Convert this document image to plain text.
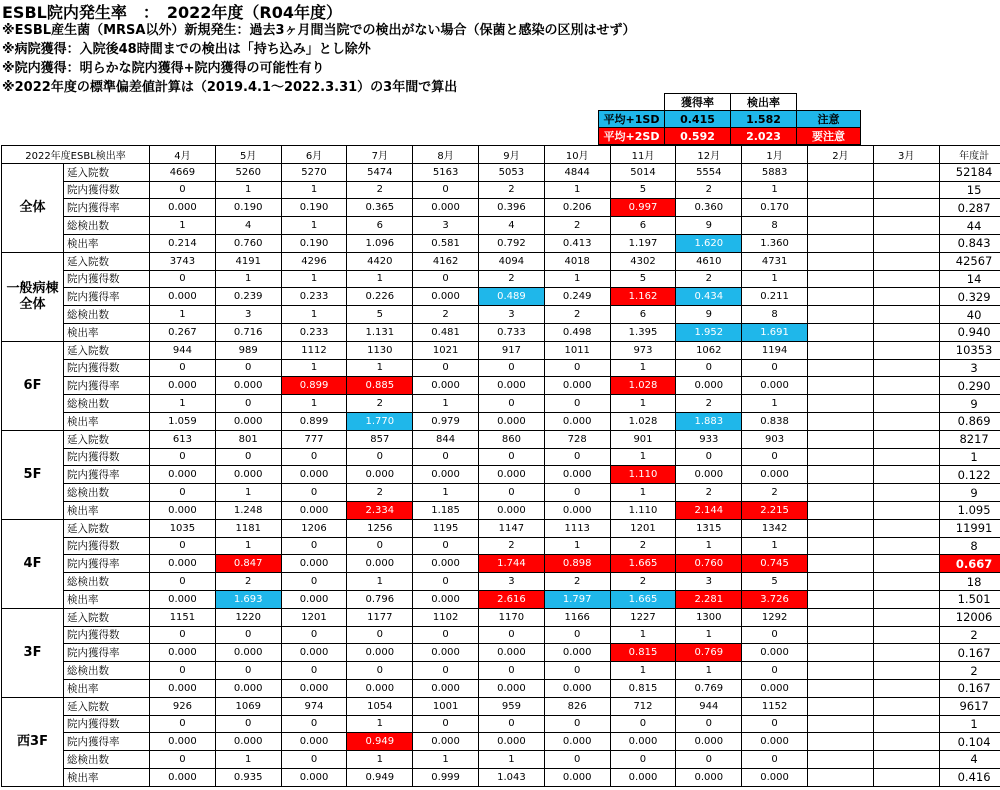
ESBL院内発生率　：　2022年度（R04年度）
※ESBL産生菌（MRSA以外）新規発生：過去3ヶ月間当院での検出がない場合（保菌と感染の区別はせず）
※病院獲得：入院後48時間までの検出は「持ち込み」とし除外
※院内獲得：明らかな院内獲得+院内獲得の可能性有り
※2022年度の標準偏差値計算は（2019.4.1～2022.3.31）の3年間で算出
	獲得率	検出率	
平均+1SD	0.415	1.582	注意
平均+2SD	0.592	2.023	要注意
2022年度ESBL検出率		4月	5月	6月	7月	8月	9月	10月	11月	12月	1月	2月	3月	年度計
全体	延入院数	4669	5260	5270	5474	5163	5053	4844	5014	5554	5883			52184
	院内獲得数	0	1	1	2	0	2	1	5	2	1			15
	院内獲得率	0.000	0.190	0.190	0.365	0.000	0.396	0.206	0.997	0.360	0.170			0.287
	総検出数	1	4	1	6	3	4	2	6	9	8			44
	検出率	0.214	0.760	0.190	1.096	0.581	0.792	0.413	1.197	1.620	1.360			0.843
一般病棟全体	延入院数	3743	4191	4296	4420	4162	4094	4018	4302	4610	4731			42567
	院内獲得数	0	1	1	1	0	2	1	5	2	1			14
	院内獲得率	0.000	0.239	0.233	0.226	0.000	0.489	0.249	1.162	0.434	0.211			0.329
	総検出数	1	3	1	5	2	3	2	6	9	8			40
	検出率	0.267	0.716	0.233	1.131	0.481	0.733	0.498	1.395	1.952	1.691			0.940
6F	延入院数	944	989	1112	1130	1021	917	1011	973	1062	1194			10353
	院内獲得数	0	0	1	1	0	0	0	1	0	0			3
	院内獲得率	0.000	0.000	0.899	0.885	0.000	0.000	0.000	1.028	0.000	0.000			0.290
	総検出数	1	0	1	2	1	0	0	1	2	1			9
	検出率	1.059	0.000	0.899	1.770	0.979	0.000	0.000	1.028	1.883	0.838			0.869
5F	延入院数	613	801	777	857	844	860	728	901	933	903			8217
	院内獲得数	0	0	0	0	0	0	0	1	0	0			1
	院内獲得率	0.000	0.000	0.000	0.000	0.000	0.000	0.000	1.110	0.000	0.000			0.122
	総検出数	0	1	0	2	1	0	0	1	2	2			9
	検出率	0.000	1.248	0.000	2.334	1.185	0.000	0.000	1.110	2.144	2.215			1.095
4F	延入院数	1035	1181	1206	1256	1195	1147	1113	1201	1315	1342			11991
	院内獲得数	0	1	0	0	0	2	1	2	1	1			8
	院内獲得率	0.000	0.847	0.000	0.000	0.000	1.744	0.898	1.665	0.760	0.745			0.667
	総検出数	0	2	0	1	0	3	2	2	3	5			18
	検出率	0.000	1.693	0.000	0.796	0.000	2.616	1.797	1.665	2.281	3.726			1.501
3F	延入院数	1151	1220	1201	1177	1102	1170	1166	1227	1300	1292			12006
	院内獲得数	0	0	0	0	0	0	0	1	1	0			2
	院内獲得率	0.000	0.000	0.000	0.000	0.000	0.000	0.000	0.815	0.769	0.000			0.167
	総検出数	0	0	0	0	0	0	0	1	1	0			2
	検出率	0.000	0.000	0.000	0.000	0.000	0.000	0.000	0.815	0.769	0.000			0.167
西3F	延入院数	926	1069	974	1054	1001	959	826	712	944	1152			9617
	院内獲得数	0	0	0	1	0	0	0	0	0	0			1
	院内獲得率	0.000	0.000	0.000	0.949	0.000	0.000	0.000	0.000	0.000	0.000			0.104
	総検出数	0	1	0	1	1	1	0	0	0	0			4
	検出率	0.000	0.935	0.000	0.949	0.999	1.043	0.000	0.000	0.000	0.000			0.416
